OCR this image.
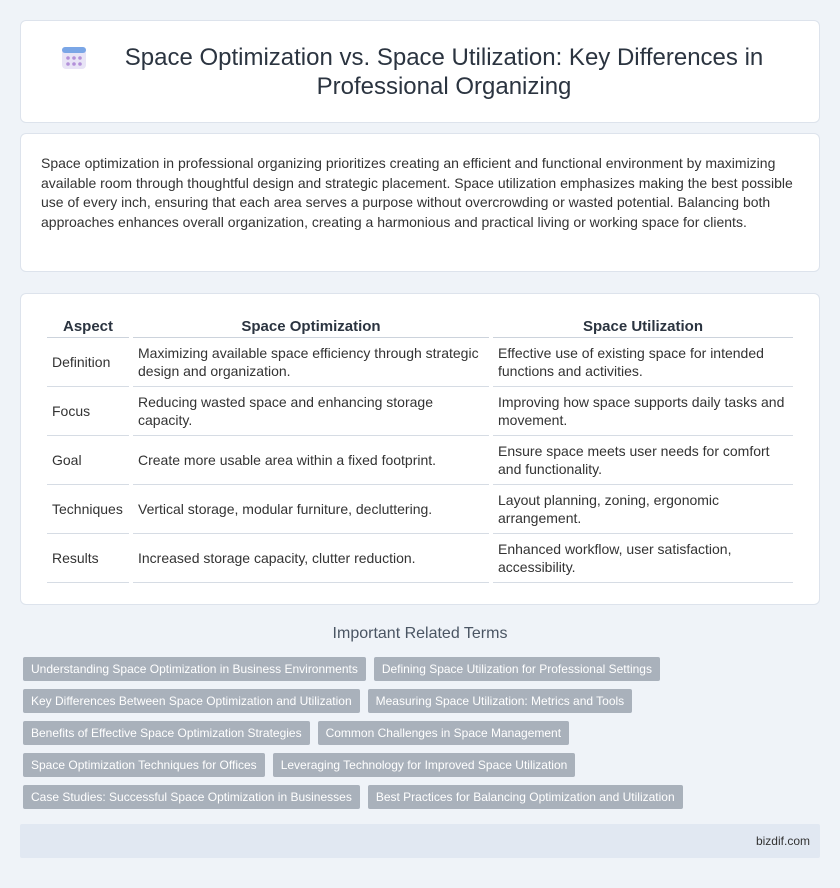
Space Optimization vs. Space Utilization: Key Differences in Professional Organizing

Space optimization in professional organizing prioritizes creating an efficient and functional environment by maximizing available room through thoughtful design and strategic placement. Space utilization emphasizes making the best possible use of every inch, ensuring that each area serves a purpose without overcrowding or wasted potential. Balancing both approaches enhances overall organization, creating a harmonious and practical living or working space for clients.

Aspect	Space Optimization	Space Utilization
Definition	Maximizing available space efficiency through strategic design and organization.	Effective use of existing space for intended functions and activities.
Focus	Reducing wasted space and enhancing storage capacity.	Improving how space supports daily tasks and movement.
Goal	Create more usable area within a fixed footprint.	Ensure space meets user needs for comfort and functionality.
Techniques	Vertical storage, modular furniture, decluttering.	Layout planning, zoning, ergonomic arrangement.
Results	Increased storage capacity, clutter reduction.	Enhanced workflow, user satisfaction, accessibility.
Important Related Terms
Understanding Space Optimization in Business Environments	Defining Space Utilization for Professional Settings
Key Differences Between Space Optimization and Utilization	Measuring Space Utilization: Metrics and Tools
Benefits of Effective Space Optimization Strategies	Common Challenges in Space Management
Space Optimization Techniques for Offices	Leveraging Technology for Improved Space Utilization
Case Studies: Successful Space Optimization in Businesses	Best Practices for Balancing Optimization and Utilization
bizdif.com
